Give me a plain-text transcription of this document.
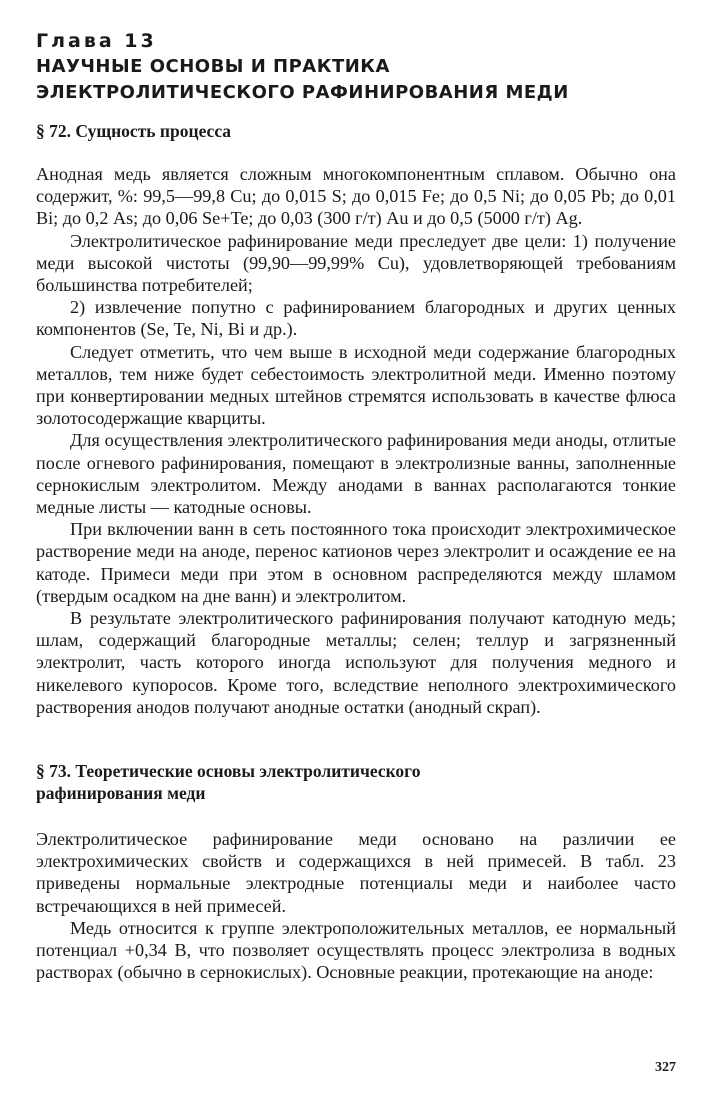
Глава 13

НАУЧНЫЕ ОСНОВЫ И ПРАКТИКА

ЭЛЕКТРОЛИТИЧЕСКОГО РАФИНИРОВАНИЯ МЕДИ

§ 72. Сущность процесса

Анодная медь является сложным многокомпонентным сплавом. Обычно она содержит, %: 99,5—99,8 Cu; до 0,015 S; до 0,015 Fe; до 0,5 Ni; до 0,05 Pb; до 0,01 Bi; до 0,2 As; до 0,06 Se+Te; до 0,03 (300 г/т) Au и до 0,5 (5000 г/т) Ag.

Электролитическое рафинирование меди преследует две цели: 1) получение меди высокой чистоты (99,90—99,99% Cu), удовлетворяющей требованиям большинства потребителей;

2) извлечение попутно с рафинированием благородных и других ценных компонентов (Se, Te, Ni, Bi и др.).

Следует отметить, что чем выше в исходной меди содержание благородных металлов, тем ниже будет себестоимость электролитной меди. Именно поэтому при конвертировании медных штейнов стремятся использовать в качестве флюса золотосодержащие кварциты.

Для осуществления электролитического рафинирования меди аноды, отлитые после огневого рафинирования, помещают в электролизные ванны, заполненные сернокислым электролитом. Между анодами в ваннах располагаются тонкие медные листы — катодные основы.

При включении ванн в сеть постоянного тока происходит электрохимическое растворение меди на аноде, перенос катионов через электролит и осаждение ее на катоде. Примеси меди при этом в основном распределяются между шламом (твердым осадком на дне ванн) и электролитом.

В результате электролитического рафинирования получают катодную медь; шлам, содержащий благородные металлы; селен; теллур и загрязненный электролит, часть которого иногда используют для получения медного и никелевого купоросов. Кроме того, вследствие неполного электрохимического растворения анодов получают анодные остатки (анодный скрап).

§ 73. Теоретические основы электролитического

рафинирования меди

Электролитическое рафинирование меди основано на различии ее электрохимических свойств и содержащихся в ней примесей. В табл. 23 приведены нормальные электродные потенциалы меди и наиболее часто встречающихся в ней примесей.

Медь относится к группе электроположительных металлов, ее нормальный потенциал +0,34 В, что позволяет осуществлять процесс электролиза в водных растворах (обычно в сернокислых). Основные реакции, протекающие на аноде:

327
